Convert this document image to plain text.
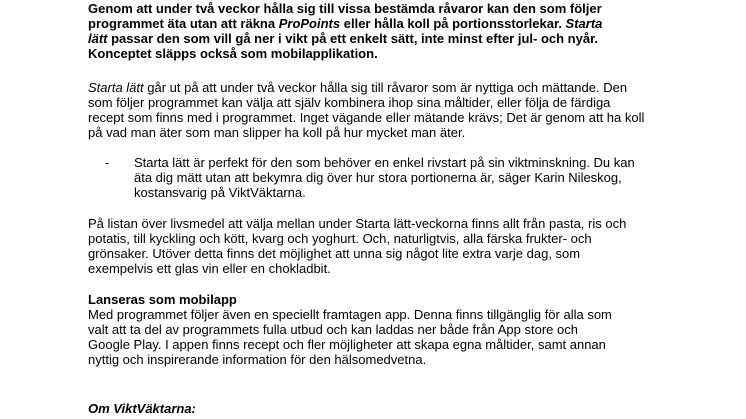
Genom att under två veckor hålla sig till vissa bestämda råvaror kan den som följer
programmet äta utan att räkna ProPoints eller hålla koll på portionsstorlekar. Starta
lätt passar den som vill gå ner i vikt på ett enkelt sätt, inte minst efter jul- och nyår.
Konceptet släpps också som mobilapplikation.
Starta lätt går ut på att under två veckor hålla sig till råvaror som är nyttiga och mättande. Den
som följer programmet kan välja att själv kombinera ihop sina måltider, eller följa de färdiga
recept som finns med i programmet. Inget vägande eller mätande krävs; Det är genom att ha koll
på vad man äter som man slipper ha koll på hur mycket man äter.
- Starta lätt är perfekt för den som behöver en enkel rivstart på sin viktminskning. Du kan
äta dig mätt utan att bekymra dig över hur stora portionerna är, säger Karin Nileskog,
kostansvarig på ViktVäktarna.
På listan över livsmedel att välja mellan under Starta lätt-veckorna finns allt från pasta, ris och
potatis, till kyckling och kött, kvarg och yoghurt. Och, naturligtvis, alla färska frukter- och
grönsaker. Utöver detta finns det möjlighet att unna sig något lite extra varje dag, som
exempelvis ett glas vin eller en chokladbit.
Lanseras som mobilapp
Med programmet följer även en speciellt framtagen app. Denna finns tillgänglig för alla som
valt att ta del av programmets fulla utbud och kan laddas ner både från App store och
Google Play. I appen finns recept och fler möjligheter att skapa egna måltider, samt annan
nyttig och inspirerande information för den hälsomedvetna.
Om ViktVäktarna:
